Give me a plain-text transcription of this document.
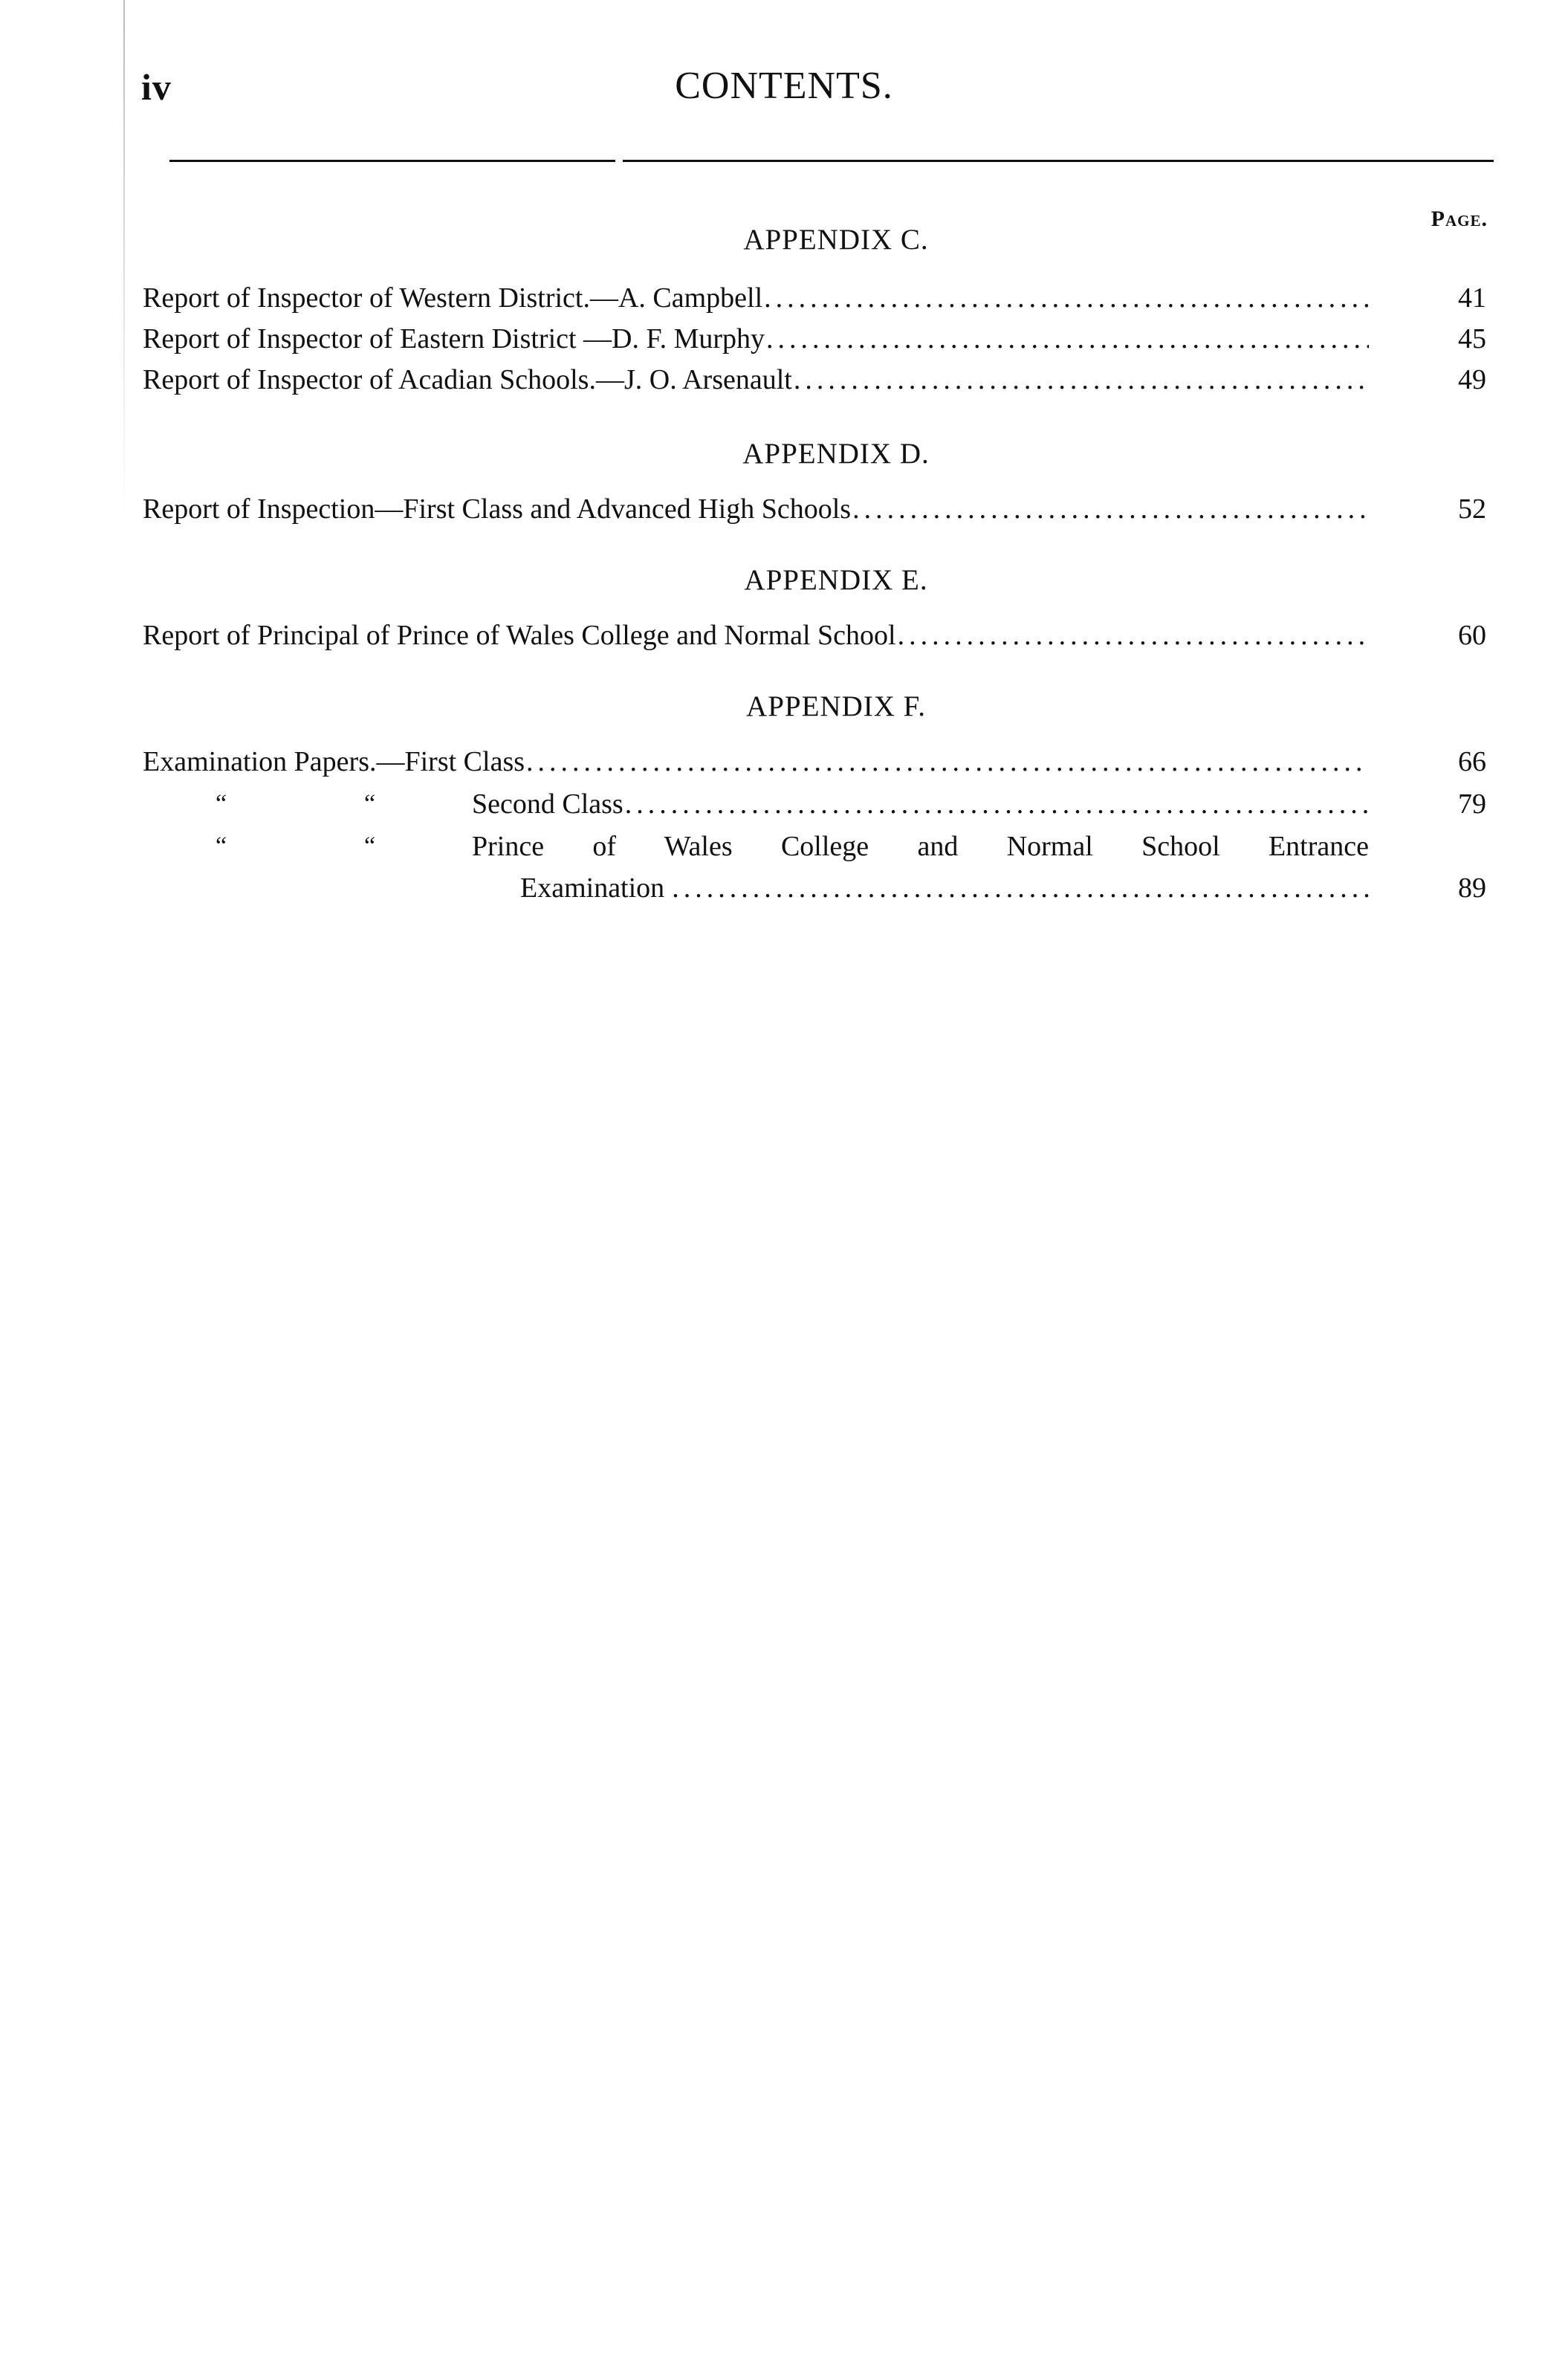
iv	CONTENTS.
Page.
APPENDIX C.
Report of Inspector of Western District.—A. Campbell .....	41
Report of Inspector of Eastern District —D. F. Murphy .....	45
Report of Inspector of Acadian Schools.—J. O. Arsenault .....	49
APPENDIX D.
Report of Inspection—First Class and Advanced High Schools .....	52
APPENDIX E.
Report of Principal of Prince of Wales College and Normal School .....	60
APPENDIX F.
Examination Papers.—First Class .....	66
“	“	Second Class .....	79
“	“	Prince of Wales College and Normal School Entrance
Examination .....	89
